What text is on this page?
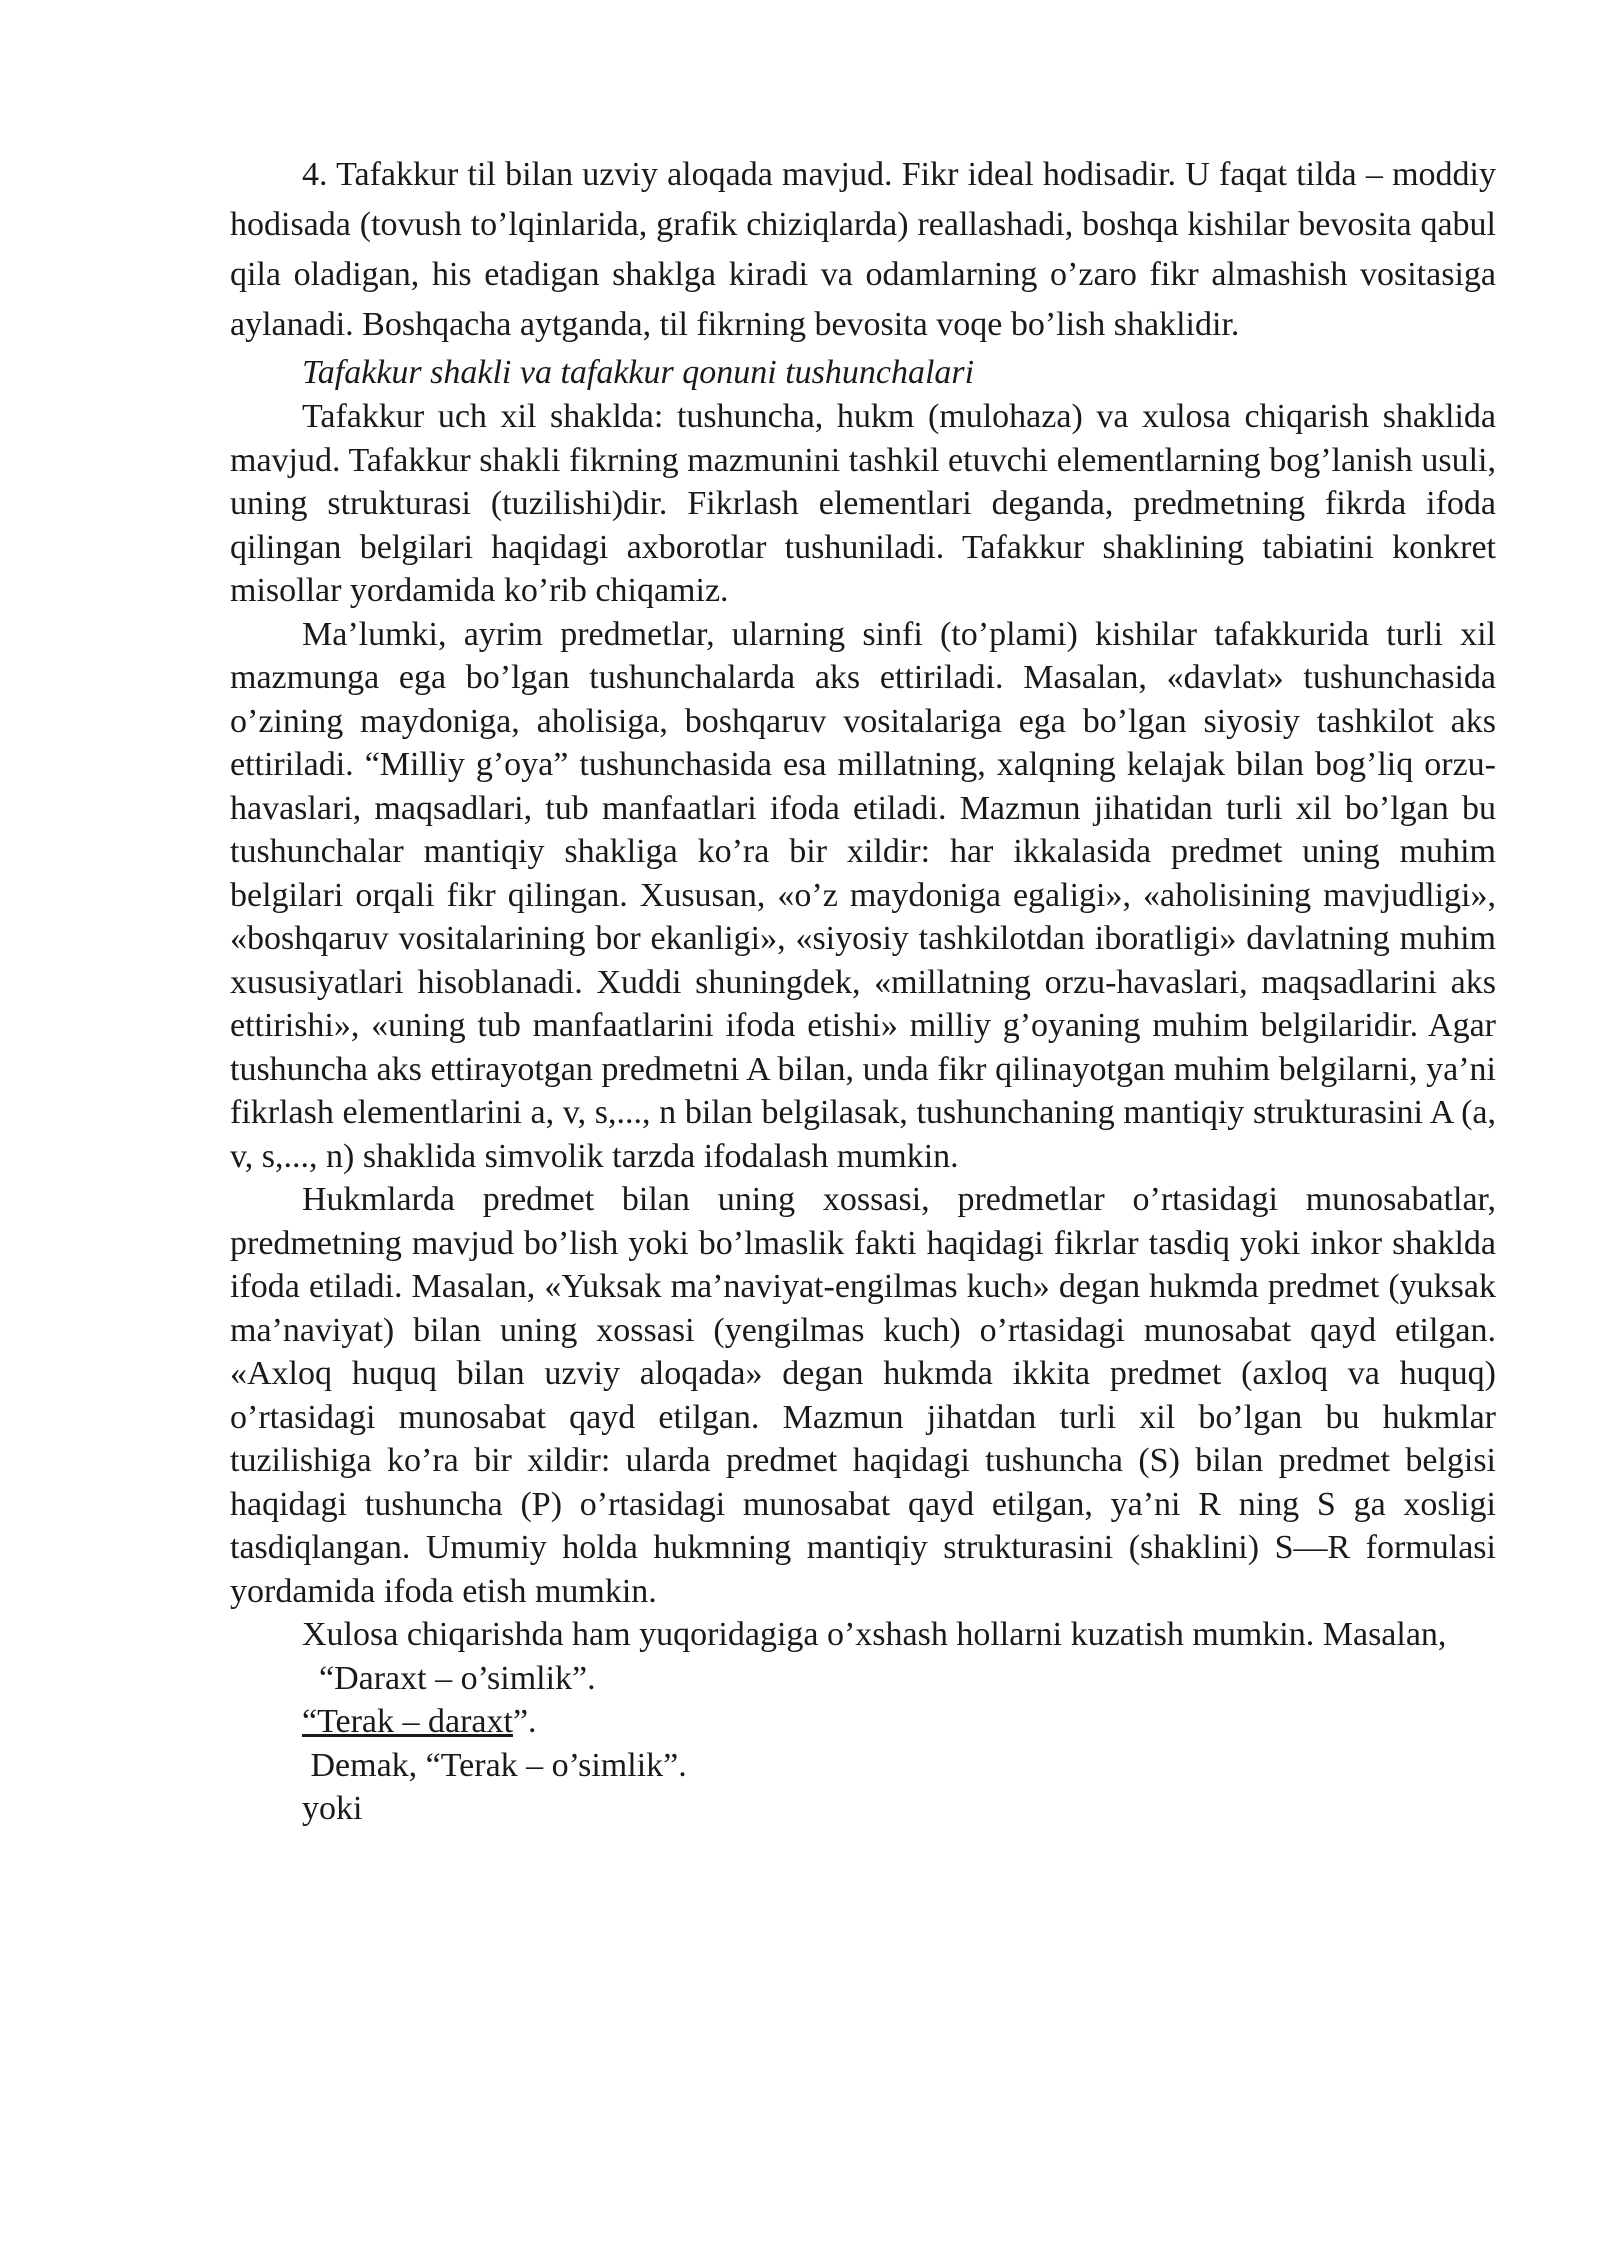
4. Tafakkur til bilan uzviy aloqada mavjud. Fikr ideal hodisadir. U faqat tilda – moddiy hodisada (tovush to’lqinlarida, grafik chiziqlarda) reallashadi, boshqa kishilar bevosita qabul qila oladigan, his etadigan shaklga kiradi va odamlarning o’zaro fikr almashish vositasiga aylanadi. Boshqacha aytganda, til fikrning bevosita voqe bo’lish shaklidir.

Tafakkur shakli va tafakkur qonuni tushunchalari

Tafakkur uch xil shaklda: tushuncha, hukm (mulohaza) va xulosa chiqarish shaklida mavjud. Tafakkur shakli fikrning mazmunini tashkil etuvchi elementlarning bog’lanish usuli, uning strukturasi (tuzilishi)dir. Fikrlash elementlari deganda, predmetning fikrda ifoda qilingan belgilari haqidagi axborotlar tushuniladi. Tafakkur shaklining tabiatini konkret misollar yordamida ko’rib chiqamiz.

Ma’lumki, ayrim predmetlar, ularning sinfi (to’plami) kishilar tafakkurida turli xil mazmunga ega bo’lgan tushunchalarda aks ettiriladi. Masalan, «davlat» tushunchasida o’zining maydoniga, aholisiga, boshqaruv vositalariga ega bo’lgan siyosiy tashkilot aks ettiriladi. “Milliy g’oya” tushunchasida esa millatning, xalqning kelajak bilan bog’liq orzu-havaslari, maqsadlari, tub manfaatlari ifoda etiladi. Mazmun jihatidan turli xil bo’lgan bu tushunchalar mantiqiy shakliga ko’ra bir xildir: har ikkalasida predmet uning muhim belgilari orqali fikr qilingan. Xususan, «o’z maydoniga egaligi», «aholisining mavjudligi», «boshqaruv vositalarining bor ekanligi», «siyosiy tashkilotdan iboratligi» davlatning muhim xususiyatlari hisoblanadi. Xuddi shuningdek, «millatning orzu-havaslari, maqsadlarini aks ettirishi», «uning tub manfaatlarini ifoda etishi» milliy g’oyaning muhim belgilaridir. Agar tushuncha aks ettirayotgan predmetni A bilan, unda fikr qilinayotgan muhim belgilarni, ya’ni fikrlash elementlarini a, v, s,..., n bilan belgilasak, tushunchaning mantiqiy strukturasini A (a, v, s,..., n) shaklida simvolik tarzda ifodalash mumkin.

Hukmlarda predmet bilan uning xossasi, predmetlar o’rtasidagi munosabatlar, predmetning mavjud bo’lish yoki bo’lmaslik fakti haqidagi fikrlar tasdiq yoki inkor shaklda ifoda etiladi. Masalan, «Yuksak ma’naviyat-engilmas kuch» degan hukmda predmet (yuksak ma’naviyat) bilan uning xossasi (yengilmas kuch) o’rtasidagi munosabat qayd etilgan. «Axloq huquq bilan uzviy aloqada» degan hukmda ikkita predmet (axloq va huquq) o’rtasidagi munosabat qayd etilgan. Mazmun jihatdan turli xil bo’lgan bu hukmlar tuzilishiga ko’ra bir xildir: ularda predmet haqidagi tushuncha (S) bilan predmet belgisi haqidagi tushuncha (P) o’rtasidagi munosabat qayd etilgan, ya’ni R ning S ga xosligi tasdiqlangan. Umumiy holda hukmning mantiqiy strukturasini (shaklini) S—R formulasi yordamida ifoda etish mumkin.

Xulosa chiqarishda ham yuqoridagiga o’xshash hollarni kuzatish mumkin. Masalan,

“Daraxt – o’simlik”.

“Terak – daraxt”.

Demak, “Terak – o’simlik”.

yoki
